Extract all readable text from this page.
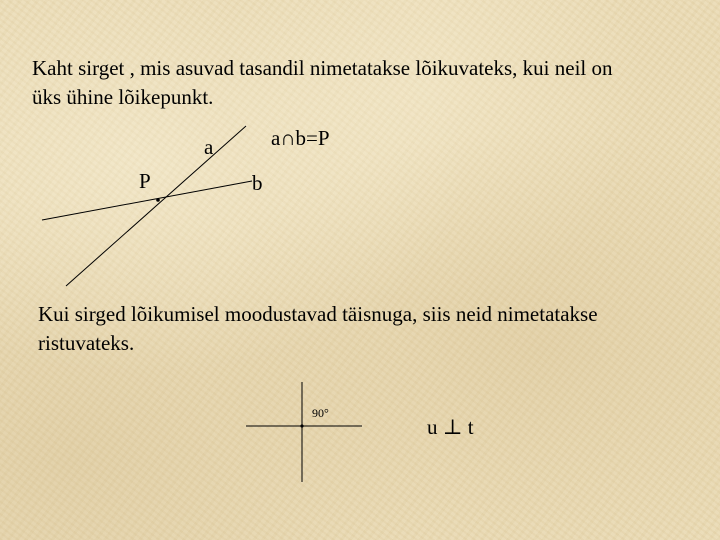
Kaht sirget , mis asuvad tasandil nimetatakse lõikuvateks, kui neil on
üks ühine lõikepunkt.

Kui sirged lõikumisel moodustavad täisnuga, siis neid nimetatakse
ristuvateks.

a
b
P
a∩b=P
90°
u ⊥ t
